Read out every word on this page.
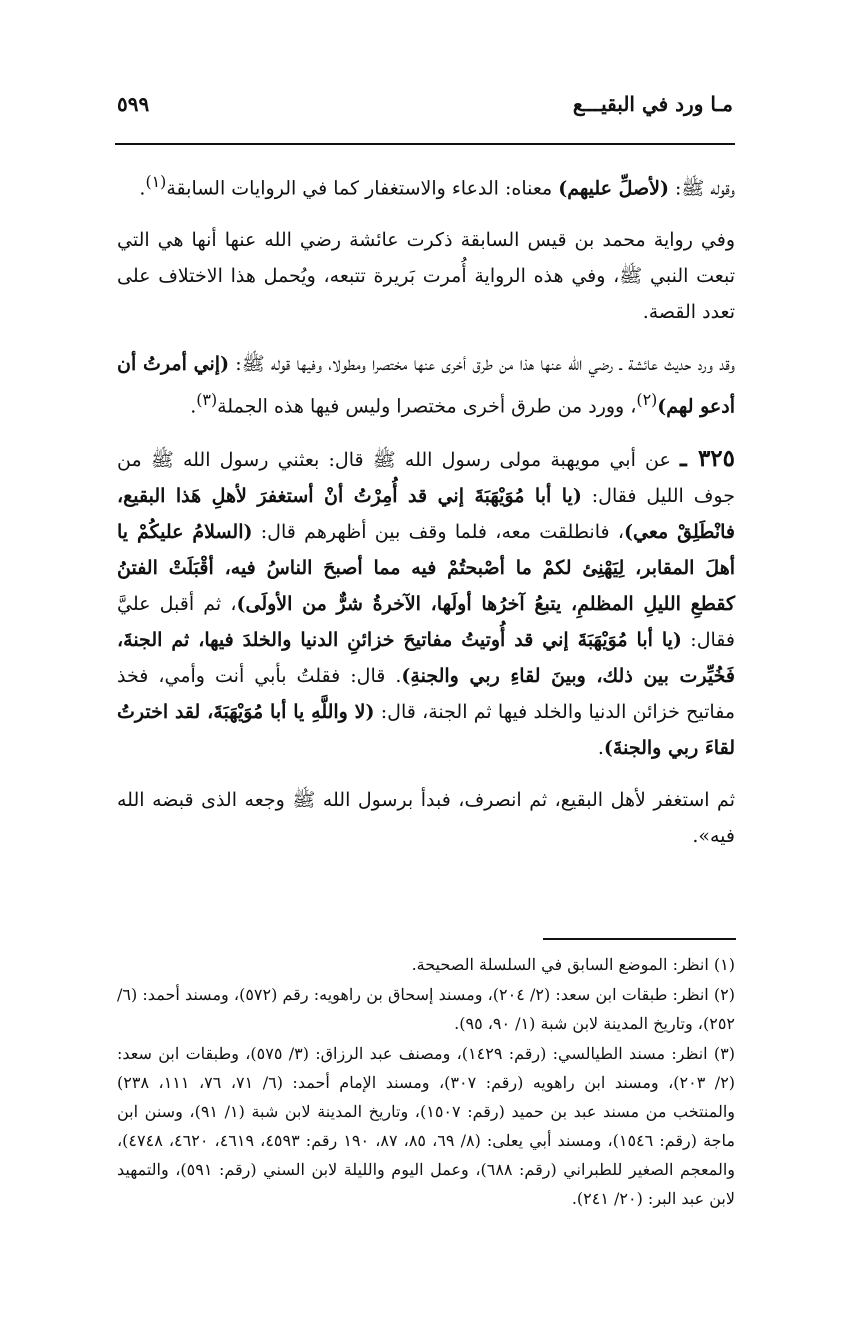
مـا ورد في البقيـــع
٥٩٩

وقوله ﷺ: (لأصلِّ عليهم) معناه: الدعاء والاستغفار كما في الروايات السابقة$^{(١)}$.

وفي رواية محمد بن قيس السابقة ذكرت عائشة رضي الله عنها أنها هي التي تبعت النبي ﷺ، وفي هذه الرواية أُمرت بَريرة تتبعه، ويُحمل هذا الاختلاف على تعدد القصة.

وقد ورد حديث عائشة ـ رضي الله عنها هذا من طرق أخرى عنها مختصرا ومطولا، وفيها قوله ﷺ: (إني أمرتُ أن أدعو لهم)$^{(٢)}$، وورد من طرق أخرى مختصرا وليس فيها هذه الجملة$^{(٣)}$.

٣٢٥ ـ عن أبي مويهبة مولى رسول الله ﷺ قال: بعثني رسول الله ﷺ من جوف الليل فقال: (يا أبا مُوَيْهَبَةَ إني قد أُمِرْتُ أنْ أستغفرَ لأهلِ هَذا البقيع، فانْطَلِقْ معي)، فانطلقت معه، فلما وقف بين أظهرهم قال: (السلامُ عليكُمْ يا أهلَ المقابر، لِيَهْنِئ لكمْ ما أصْبحتُمْ فيه مما أصبحَ الناسُ فيه، أقْبَلَتْ الفتنُ كقطعِ الليلِ المظلمِ، يتبعُ آخرُها أولَها، الآخرةُ شرٌّ من الأولَى)، ثم أقبل عليَّ فقال: (يا أبا مُوَيْهَبَةَ إني قد أُوتيتُ مفاتيحَ خزائنِ الدنيا والخلدَ فيها، ثم الجنةَ، فَخُيِّرت بين ذلك، وبينَ لقاءِ ربي والجنةِ). قال: فقلتُ بأبي أنت وأمي، فخذ مفاتيح خزائن الدنيا والخلد فيها ثم الجنة، قال: (لا واللَّهِ يا أبا مُوَيْهَبَةَ، لقد اخترتُ لقاءَ ربي والجنةَ).

ثم استغفر لأهل البقيع، ثم انصرف، فبدأ برسول الله ﷺ وجعه الذى قبضه الله فيه».

(١) انظر: الموضع السابق في السلسلة الصحيحة.

(٢) انظر: طبقات ابن سعد: (٢/ ٢٠٤)، ومسند إسحاق بن راهويه: رقم (٥٧٢)، ومسند أحمد: (٦/ ٢٥٢)، وتاريخ المدينة لابن شبة (١/ ٩٠، ٩٥).

(٣) انظر: مسند الطيالسي: (رقم: ١٤٢٩)، ومصنف عبد الرزاق: (٣/ ٥٧٥)، وطبقات ابن سعد: (٢/ ٢٠٣)، ومسند ابن راهويه (رقم: ٣٠٧)، ومسند الإمام أحمد: (٦/ ٧١، ٧٦، ١١١، ٢٣٨) والمنتخب من مسند عبد بن حميد (رقم: ١٥٠٧)، وتاريخ المدينة لابن شبة (١/ ٩١)، وسنن ابن ماجة (رقم: ١٥٤٦)، ومسند أبي يعلى: (٨/ ٦٩، ٨٥، ٨٧، ١٩٠ رقم: ٤٥٩٣، ٤٦١٩، ٤٦٢٠، ٤٧٤٨)، والمعجم الصغير للطبراني (رقم: ٦٨٨)، وعمل اليوم والليلة لابن السني (رقم: ٥٩١)، والتمهيد لابن عبد البر: (٢٠/ ٢٤١).
